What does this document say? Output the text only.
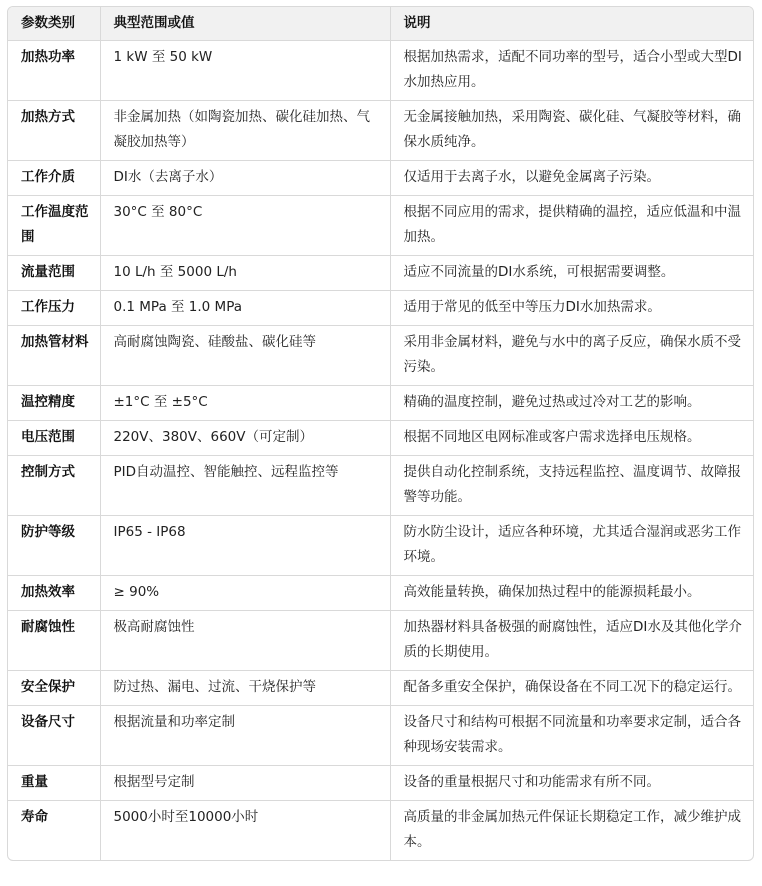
参数类别	典型范围或值	说明
加热功率	1 kW 至 50 kW	根据加热需求，适配不同功率的型号，适合小型或大型DI水加热应用。
加热方式	非金属加热（如陶瓷加热、碳化硅加热、气凝胶加热等）	无金属接触加热，采用陶瓷、碳化硅、气凝胶等材料，确保水质纯净。
工作介质	DI水（去离子水）	仅适用于去离子水，以避免金属离子污染。
工作温度范围	30°C 至 80°C	根据不同应用的需求，提供精确的温控，适应低温和中温加热。
流量范围	10 L/h 至 5000 L/h	适应不同流量的DI水系统，可根据需要调整。
工作压力	0.1 MPa 至 1.0 MPa	适用于常见的低至中等压力DI水加热需求。
加热管材料	高耐腐蚀陶瓷、硅酸盐、碳化硅等	采用非金属材料，避免与水中的离子反应，确保水质不受污染。
温控精度	±1°C 至 ±5°C	精确的温度控制，避免过热或过冷对工艺的影响。
电压范围	220V、380V、660V（可定制）	根据不同地区电网标准或客户需求选择电压规格。
控制方式	PID自动温控、智能触控、远程监控等	提供自动化控制系统，支持远程监控、温度调节、故障报警等功能。
防护等级	IP65 - IP68	防水防尘设计，适应各种环境，尤其适合湿润或恶劣工作环境。
加热效率	≥ 90%	高效能量转换，确保加热过程中的能源损耗最小。
耐腐蚀性	极高耐腐蚀性	加热器材料具备极强的耐腐蚀性，适应DI水及其他化学介质的长期使用。
安全保护	防过热、漏电、过流、干烧保护等	配备多重安全保护，确保设备在不同工况下的稳定运行。
设备尺寸	根据流量和功率定制	设备尺寸和结构可根据不同流量和功率要求定制，适合各种现场安装需求。
重量	根据型号定制	设备的重量根据尺寸和功能需求有所不同。
寿命	5000小时至10000小时	高质量的非金属加热元件保证长期稳定工作，减少维护成本。
